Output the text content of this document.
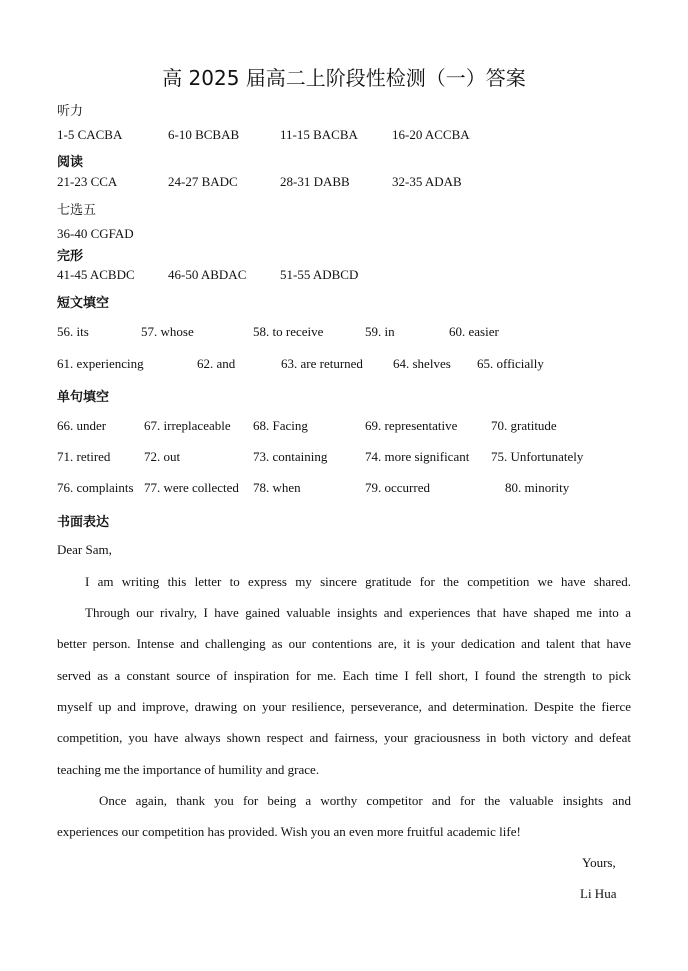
高 2025 届高二上阶段性检测（一）答案
听力
1-5 CACBA	6-10 BCBAB	11-15 BACBA	16-20 ACCBA
阅读
21-23 CCA	24-27 BADC	28-31 DABB	32-35 ADAB
七选五
36-40 CGFAD
完形
41-45 ACBDC	46-50 ABDAC	51-55 ADBCD
短文填空
56. its	57. whose	58. to receive	59. in	60. easier
61. experiencing	62. and	63. are returned 64. shelves 65. officially
单句填空
66. under	67. irreplaceable 68. Facing	69. representative	70. gratitude
71. retired	72. out	73. containing	74. more significant 75. Unfortunately
76. complaints 77. were collected 78. when	79. occurred	80. minority
书面表达
Dear Sam,
I am writing this letter to express my sincere gratitude for the competition we have shared.
Through our rivalry, I have gained valuable insights and experiences that have shaped me into a
better person. Intense and challenging as our contentions are, it is your dedication and talent that have
served as a constant source of inspiration for me. Each time I fell short, I found the strength to pick
myself up and improve, drawing on your resilience, perseverance, and determination. Despite the fierce
competition, you have always shown respect and fairness, your graciousness in both victory and defeat
teaching me the importance of humility and grace.
Once again, thank you for being a worthy competitor and for the valuable insights and
experiences our competition has provided. Wish you an even more fruitful academic life!
Yours,
Li Hua
